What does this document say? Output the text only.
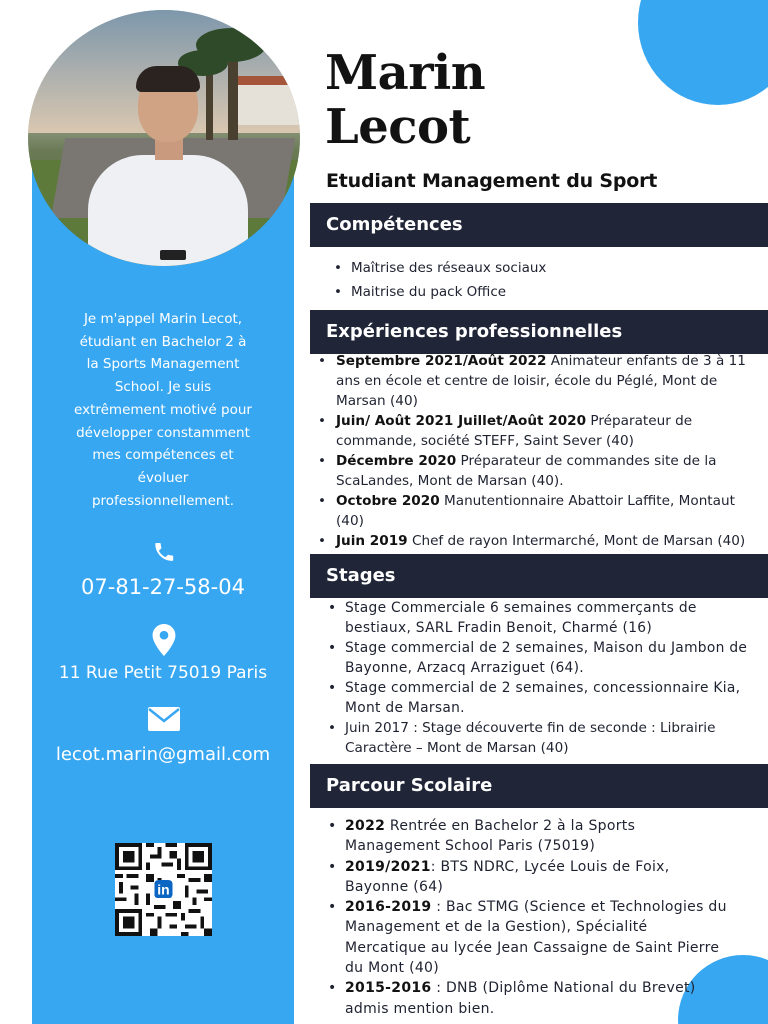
Je m'appel Marin Lecot, étudiant en Bachelor 2 à la Sports Management School. Je suis extrêmement motivé pour développer constamment mes compétences et évoluer professionnellement.

07-81-27-58-04
11 Rue Petit 75019 Paris
lecot.marin@gmail.com
in
Marin
Lecot
Etudiant Management du Sport
Compétences
• Maîtrise des réseaux sociaux
• Maitrise du pack Office
Expériences professionnelles
• Septembre 2021/Août 2022 Animateur enfants de 3 à 11 ans en école et centre de loisir, école du Péglé, Mont de Marsan (40)
• Juin/ Août 2021 Juillet/Août 2020 Préparateur de commande, société STEFF, Saint Sever (40)
• Décembre 2020 Préparateur de commandes site de la ScaLandes, Mont de Marsan (40).
• Octobre 2020 Manutentionnaire Abattoir Laffite, Montaut (40)
• Juin 2019 Chef de rayon Intermarché, Mont de Marsan (40)
Stages
• Stage Commerciale 6 semaines commerçants de bestiaux, SARL Fradin Benoit, Charmé (16)
• Stage commercial de 2 semaines, Maison du Jambon de Bayonne, Arzacq Arraziguet (64).
• Stage commercial de 2 semaines, concessionnaire Kia, Mont de Marsan.
• Juin 2017 : Stage découverte fin de seconde : Librairie Caractère – Mont de Marsan (40)
Parcour Scolaire
• 2022 Rentrée en Bachelor 2 à la Sports Management School Paris (75019)
• 2019/2021: BTS NDRC, Lycée Louis de Foix, Bayonne (64)
• 2016-2019 : Bac STMG (Science et Technologies du Management et de la Gestion), Spécialité Mercatique au lycée Jean Cassaigne de Saint Pierre du Mont (40)
• 2015-2016 : DNB (Diplôme National du Brevet) admis mention bien.
